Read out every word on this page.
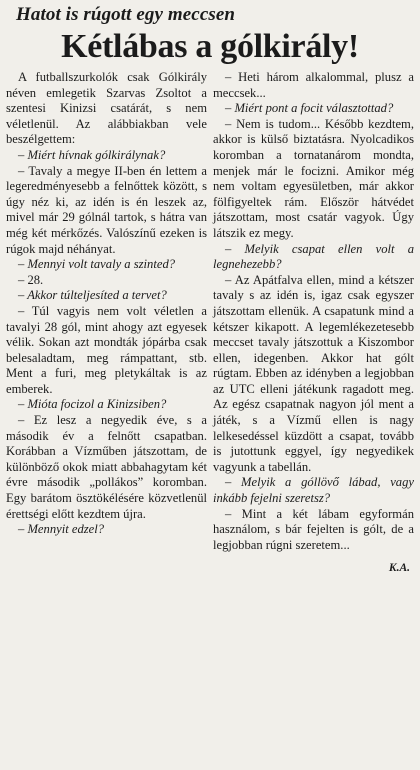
Hatot is rúgott egy meccsen
Kétlábas a gólkirály!

A futballszurkolók csak Gólkirály néven emlegetik Szarvas Zsoltot a szentesi Kinizsi csatárát, s nem véletlenül. Az alábbiakban vele beszélgettem:

– Miért hívnak gólkirálynak?

– Tavaly a megye II-ben én lettem a legeredményesebb a felnőttek között, s úgy néz ki, az idén is én leszek az, mivel már 29 gólnál tartok, s hátra van még két mérkőzés. Valószínű ezeken is rúgok majd néhányat.

– Mennyi volt tavaly a szinted?

– 28.

– Akkor túlteljesíted a tervet?

– Túl vagyis nem volt véletlen a tavalyi 28 gól, mint ahogy azt egyesek vélik. Sokan azt mondták jópárba csak belesaladtam, meg rámpattant, stb. Ment a furi, meg pletykáltak is az emberek.

– Mióta focizol a Kinizsiben?

– Ez lesz a negyedik éve, s a második év a felnőtt csapatban. Korábban a Vízműben játszottam, de különböző okok miatt abbahagytam két évre második „pollákos” koromban. Egy barátom ösztökélésére közvetlenül érettségi előtt kezdtem újra.

– Mennyit edzel?

– Heti három alkalommal, plusz a meccsek...

– Miért pont a focit választottad?

– Nem is tudom... Később kezdtem, akkor is külső biztatásra. Nyolcadikos koromban a tornatanárom mondta, menjek már le focizni. Amikor még nem voltam egyesületben, már akkor fölfigyeltek rám. Először hátvédet játszottam, most csatár vagyok. Úgy látszik ez megy.

– Melyik csapat ellen volt a legnehezebb?

– Az Apátfalva ellen, mind a kétszer tavaly s az idén is, igaz csak egyszer játszottam ellenük. A csapatunk mind a kétszer kikapott. A legemlékezetesebb meccset tavaly játszottuk a Kiszombor ellen, idegenben. Akkor hat gólt rúgtam. Ebben az idényben a legjobban az UTC elleni játékunk ragadott meg. Az egész csapatnak nagyon jól ment a játék, s a Vízmű ellen is nagy lelkesedéssel küzdött a csapat, tovább is jutottunk eggyel, így negyedikek vagyunk a tabellán.

– Melyik a góllövő lábad, vagy inkább fejelni szeretsz?

– Mint a két lábam egyformán használom, s bár fejelten is gólt, de a legjobban rúgni szeretem...

K.A.
